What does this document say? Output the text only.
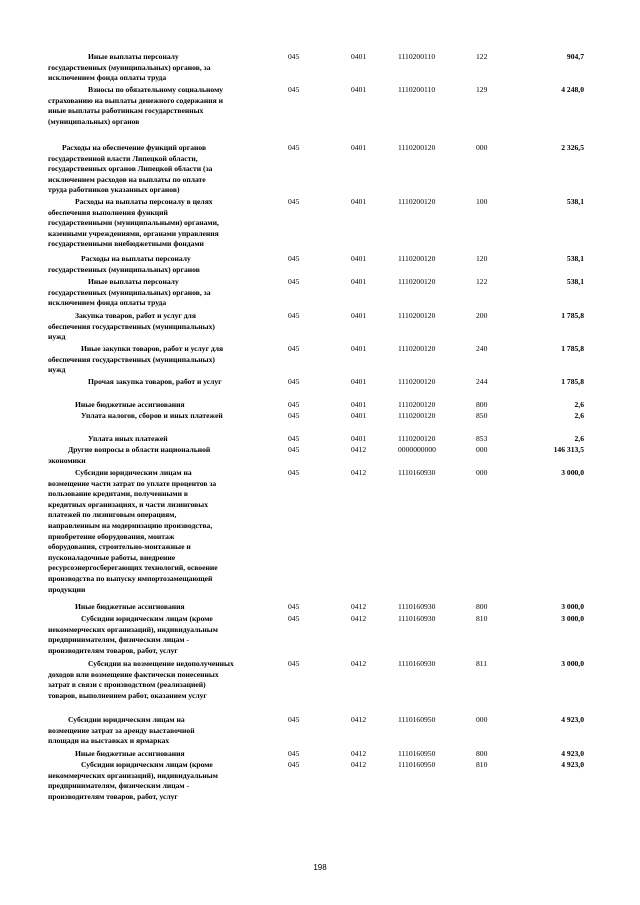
Иные выплаты персоналу
государственных (муниципальных) органов, за
исключением фонда оплаты труда
045	0401	1110200110	122	904,7
Взносы по обязательному социальному
страхованию на выплаты денежного содержания и
иные выплаты работникам государственных
(муниципальных) органов
045	0401	1110200110	129	4 248,0
Расходы на обеспечение функций органов
государственной власти Липецкой области,
государственных органов Липецкой области (за
исключением расходов на выплаты по оплате
труда работников указанных органов)
045	0401	1110200120	000	2 326,5
Расходы на выплаты персоналу в целях
обеспечения выполнения функций
государственными (муниципальными) органами,
казенными учреждениями, органами управления
государственными внебюджетными фондами
045	0401	1110200120	100	538,1
Расходы на выплаты персоналу
государственных (муниципальных) органов
045	0401	1110200120	120	538,1
Иные выплаты персоналу
государственных (муниципальных) органов, за
исключением фонда оплаты труда
045	0401	1110200120	122	538,1
Закупка товаров, работ и услуг для
обеспечения государственных (муниципальных)
нужд
045	0401	1110200120	200	1 785,8
Иные закупки товаров, работ и услуг для
обеспечения государственных (муниципальных)
нужд
045	0401	1110200120	240	1 785,8
Прочая закупка товаров, работ и услуг	045	0401	1110200120	244	1 785,8
Иные бюджетные ассигнования	045	0401	1110200120	800	2,6
Уплата налогов, сборов и иных платежей	045	0401	1110200120	850	2,6
Уплата иных платежей	045	0401	1110200120	853	2,6
Другие вопросы в области национальной
экономики
045	0412	0000000000	000	146 313,5
Субсидии юридическим лицам на
возмещение части затрат по уплате процентов за
пользование кредитами, полученными в
кредитных организациях, и части лизинговых
платежей по лизинговым операциям,
направленным на модернизацию производства,
приобретение оборудования, монтаж
оборудования, строительно-монтажные и
пусконаладочные работы, внедрение
ресурсоэнергосберегающих технологий, освоение
производства по выпуску импортозамещающей
продукции
045	0412	1110160930	000	3 000,0
Иные бюджетные ассигнования	045	0412	1110160930	800	3 000,0
Субсидии юридическим лицам (кроме
некоммерческих организаций), индивидуальным
предпринимателям, физическим лицам -
производителям товаров, работ, услуг
045	0412	1110160930	810	3 000,0
Субсидии на возмещение недополученных
доходов или возмещение фактически понесенных
затрат в связи с производством (реализацией)
товаров, выполнением работ, оказанием услуг
045	0412	1110160930	811	3 000,0
Субсидии юридическим лицам на
возмещение затрат за аренду выставочной
площади на выставках и ярмарках
045	0412	1110160950	000	4 923,0
Иные бюджетные ассигнования	045	0412	1110160950	800	4 923,0
Субсидии юридическим лицам (кроме
некоммерческих организаций), индивидуальным
предпринимателям, физическим лицам -
производителям товаров, работ, услуг
045	0412	1110160950	810	4 923,0
198
